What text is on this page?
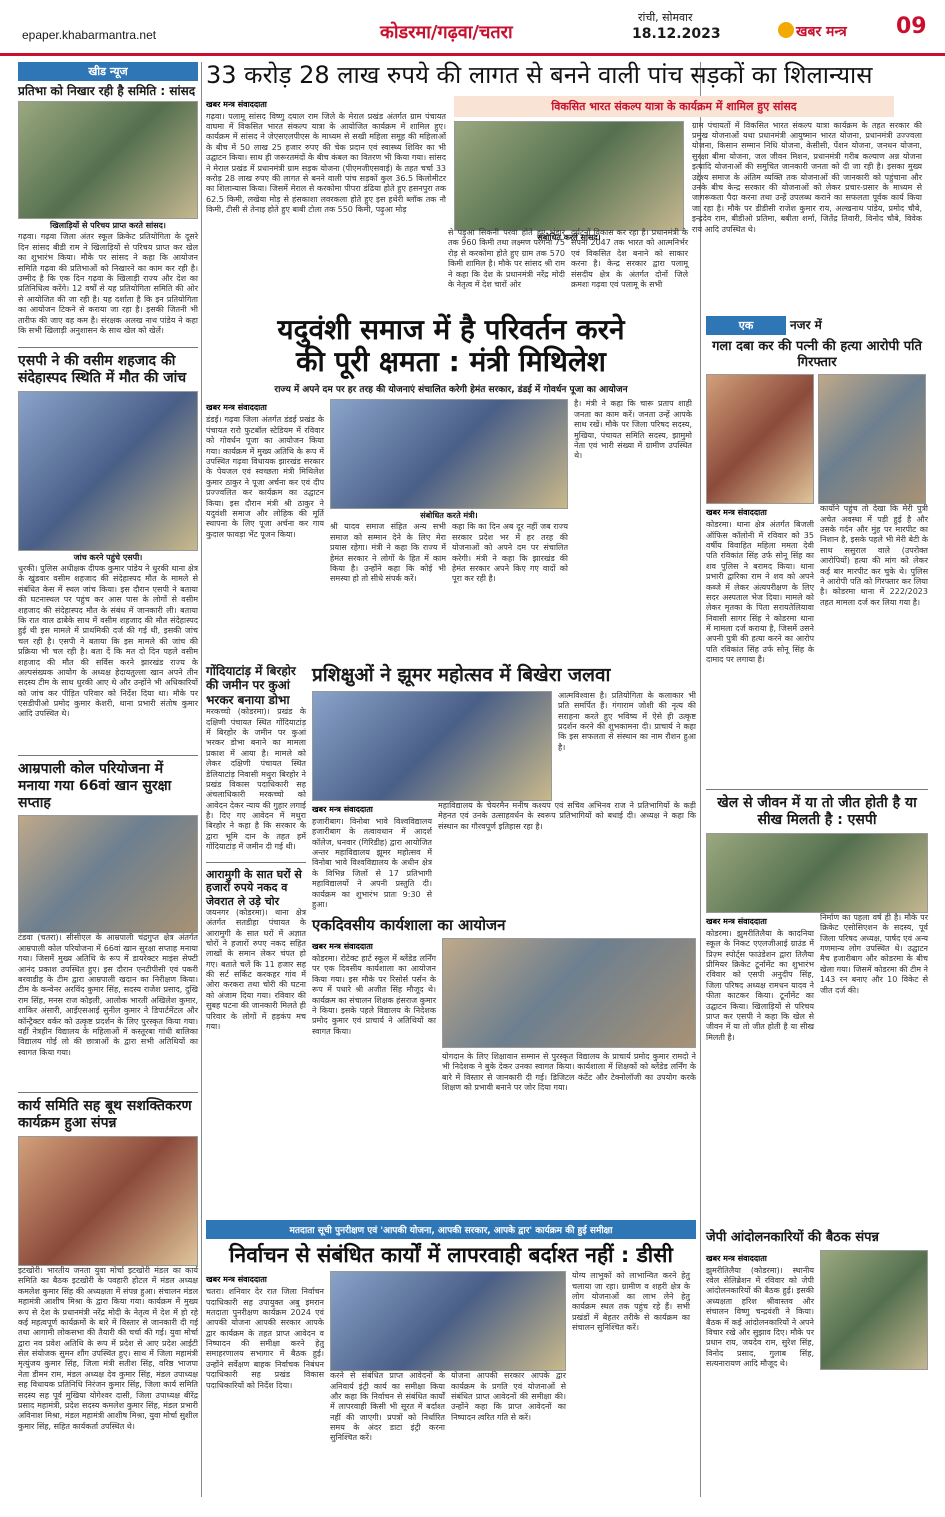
epaper.khabarmantra.net	कोडरमा/गढ़वा/चतरा
रांची, सोमवार
18.12.2023	खबर मन्त्र 09
खीड न्यूज
प्रतिभा को निखार रही है समिति : सांसद
खिलाड़ियों से परिचय प्राप्त करते सांसद।
गढ़वा। गढ़वा जिला अंतर स्कूल क्रिकेट प्रतियोगिता के दूसरे दिन सांसद बीडी राम ने खिलाड़ियों से परिचय प्राप्त कर खेल का शुभारंभ किया। मौके पर सांसद ने कहा कि आयोजन समिति गढ़वा की प्रतिभाओं को निखारने का काम कर रही है। उम्मीद है कि एक दिन गढ़वा के खिलाड़ी राज्य और देश का प्रतिनिधित्व करेंगे। 12 वर्षों से यह प्रतियोगिता समिति की ओर से आयोजित की जा रही है। यह दर्शाता है कि इन प्रतियोगिता का आयोजन टिकने से कराया जा रहा है। इसकी जितनी भी तारीफ की जाए वह कम है। संरक्षक अलख नाथ पांडेय ने कहा कि सभी खिलाड़ी अनुशासन के साथ खेल को खेलें।
एसपी ने की वसीम शहजाद की संदेहास्पद स्थिति में मौत की जांच
जांच करने पहुंचे एसपी।
धुरकी। पुलिस अधीक्षक दीपक कुमार पांडेय ने धुरकी थाना क्षेत्र के खुंडवार वसीम शहजाद की संदेहास्पद मौत के मामले से संबंधित केस में स्थल जांच किया। इस दौरान एसपी ने बताया की घटनास्थल पर पहुंच कर आस पास के लोगों से वसीम शहजाद की संदेहास्पद मौत के संबंध में जानकारी ली। बताया कि रात वाल ढाबेके साथ में वसीम शहजाद की मौत संदेहास्पद हुई थी इस मामले में प्राथमिकी दर्ज की गई थी, इसकी जांच चल रही है। एसपी ने बताया कि इस मामले की जांच की प्रक्रिया भी चल रही है। बता दें कि मत दो दिन पहले वसीम शहजाद की मौत की सर्विस करने झारखंड राज्य के अल्पसंख्यक आयोग के अध्यक्ष हेदायतुल्ला खान अपने तीन सदस्य टीम के साथ धुरकी आए थे और उन्होंने भी अधिकारियों को जांच कर पीड़ित परिवार को निर्देश दिया था। मौके पर एसडीपीओ प्रमोद कुमार केशरी, थाना प्रभारी संतोष कुमार आदि उपस्थित थे।
आम्रपाली कोल परियोजना में मनाया गया 66वां खान सुरक्षा सप्ताह
टंडवा (चतरा)। सीसीएल के आम्रपाली चंद्रगुप्त क्षेत्र अंतर्गत आम्रपाली कोल परियोजना में 66वां खान सुरक्षा सप्ताह मनाया गया। जिसमें मुख्य अतिथि के रूप में डायरेक्टर माइंस सेफ्टी आनंद प्रकाश उपस्थित हुए। इस दौरान एनटीपीसी एवं पकरी बरवाडीह के टीम द्वारा आम्रपाली खदान का निरीक्षण किया। टीम के कन्वेनर अरविंद कुमार सिंह, सदस्य राजेश प्रसाद, दुखि राम सिंह, मनस राज कोइली, आलोक भारती अखिलेश कुमार, शाकिर अंसारी, आईएसआई सुनील कुमार ने डिपार्टमेंटल और कॉन्ट्रैक्टर वर्कर को उत्कृष्ट प्रदर्शन के लिए पुरस्कृत किया गया। वहीं नेत्रहीन विद्यालय के महिलाओं में कस्तूरबा गांधी बालिका विद्यालय गोई लो की छात्राओं के द्वारा सभी अतिथियों का स्वागत किया गया।
कार्य समिति सह बूथ सशक्तिकरण कार्यक्रम हुआ संपन्न
इटखोरी। भारतीय जनता युवा मोर्चा इटखोरी मंडल का कार्य समिति का बैठक इटखोरी के पवहारी होटल में मंडल अध्यक्ष कमलेश कुमार सिंह की अध्यक्षता में संपन्न हुआ। संचालन मंडल महामंत्री आशीष मिश्रा के द्वारा किया गया। कार्यक्रम में मुख्य रूप से देश के प्रधानमंत्री नरेंद्र मोदी के नेतृत्व में देश में हो रहे कई महत्वपूर्ण कार्यक्रमों के बारे में विस्तार से जानकारी दी गई तथा आगामी लोकसभा की तैयारी की चर्चा की गई। युवा मोर्चा द्वारा नव प्रवेश अतिथि के रूप में प्रदेश से आए प्रदेश आईटी सेल संयोजक सुमन शौंग उपस्थित हुए। साथ में जिला महामंत्री मृत्युंजय कुमार सिंह, जिला मंत्री सतीश सिंह, वरिष्ठ भाजपा नेता डीमन राम, मंडल अध्यक्ष देव कुमार सिंह, मंडल उपाध्यक्ष सह विधायक प्रतिनिधि निरंजन कुमार सिंह, जिला कार्य समिति सदस्य सह पूर्व मुखिया योगेश्वर दासी, जिला उपाध्यक्ष बीरेंद्र प्रसाद महामंत्री, प्रदेश सदस्य कमलेश कुमार सिंह, मंडल प्रभारी अविनाश मिश्रा, मंडल महामंत्री आशीष मिश्रा, युवा मोर्चा सुशील कुमार सिंह, सहित कार्यकर्ता उपस्थित थे।
33 करोड़ 28 लाख रुपये की लागत से बनने वाली पांच सड़कों का शिलान्यास
खबर मन्त्र संवाददाता
गढ़वा। पलामू सांसद विष्णु दयाल राम जिले के मेराल प्रखंड अंतर्गत ग्राम पंचायत वाघमा में विकसित भारत संकल्प यात्रा के आयोजित कार्यक्रम में शामिल हुए। कार्यक्रम में सांसद ने जेएसएलपीएस के माध्यम से सखी महिला समूह की महिलाओं के बीच में 50 लाख 25 हजार रुपए की चेक प्रदान एवं स्वास्थ्य शिविर का भी उद्घाटन किया। साथ ही जरूरतमंदों के बीच कंबल का वितरण भी किया गया। सांसद ने मेराल प्रखंड में प्रधानमंत्री ग्राम सड़क योजना (पीएमजीएसवाई) के तहत चर्चा 33 करोड़ 28 लाख रुपए की लागत से बनने वाली पांच सड़कों कुल 36.5 किलोमीटर का शिलान्यास किया। जिसमें मेराल से करकोमा पीपरा डंढिया होते हुए हसनपुरा तक 62.5 किमी, लखेया मोड़ से हंसकाशा लवरकला होते हुए इस हथेरी ब्लॉक तक नौ किमी, टीसी से तेनाइ होते हुए बाबी टोला तक 550 किमी, पढ़ुआ मोड़
विकसित भारत संकल्प यात्रा के कार्यक्रम में शामिल हुए सांसद
संबोधित करते सांसद।
ग्राम पंचायतों में विकसित भारत संकल्प यात्रा कार्यक्रम के तहत सरकार की प्रमुख योजनाओं यथा प्रधानमंत्री आयुष्मान भारत योजना, प्रधानमंत्री उज्ज्वला योजना, किसान सम्मान निधि योजना, केसीसी, पेंशन योजना, जनधन योजना, सुरक्षा बीमा योजना, जल जीवन मिशन, प्रधानमंत्री गरीब कल्याण अन्न योजना इत्यादि योजनाओं की समुचित जानकारी जनता को दी जा रही है। इसका मुख्य उद्देश्य समाज के अंतिम व्यक्ति तक योजनाओं की जानकारी को पहुंचाना और उनके बीच केन्द्र सरकार की योजनाओं को लेकर प्रचार-प्रसार के माध्यम से जागरूकता पैदा करना तथा उन्हें उपलब्ध कराने का सफलता पूर्वक कार्य किया जा रहा है। मौके पर डीडीसी राजेश कुमार राय, अल्खनाथ पांडेय, प्रमोद चौबे, इन्द्रदेव राम, बीडीओ प्रतिमा, बबीता शर्मा, जितेंद्र तिवारी, विनोद चौबे, विवेक राय आदि उपस्थित थे।
से पड़ुआ सिकनी परवा होते हुए भंडार तक 960 किमी तथा लक्ष्मण परगना 75 रोड़ से करकोमा होते हुए ग्राम तक 570 किमी शामिल है। मौके पर सांसद श्री राम ने कहा कि देश के प्रधानमंत्री नरेंद्र मोदी के नेतृत्व में देश चारों ओर
दुर्घटनों विकास कर रहा है। प्रधानमंत्री के सपना 2047 तक भारत को आत्मनिर्भर एवं विकसित देश बनाने को साकार करना है। केन्द्र सरकार द्वारा पलामू संसदीय क्षेत्र के अंतर्गत दोनों जिले क्रमशः गढ़वा एवं पलामू के सभी
यदुवंशी समाज में है परिवर्तन करने
की पूरी क्षमता : मंत्री मिथिलेश
राज्य में अपने दम पर हर तरह की योजनाएं संचालित करेगी हेमंत सरकार, डंडई में गोवर्धन पूजा का आयोजन
खबर मन्त्र संवाददाता
डंडई। गढ़वा जिला अंतर्गत डंडई प्रखंड के पंचायत रारो फुटबॉल स्टेडियम में रविवार को गोवर्धन पूजा का आयोजन किया गया। कार्यक्रम में मुख्य अतिथि के रूप में उपस्थित गढ़वा विधायक झारखंड सरकार के पेयजल एवं स्वच्छता मंत्री मिथिलेश कुमार ठाकुर ने पूजा अर्चना कर एवं दीप प्रज्ज्वलित कर कार्यक्रम का उद्घाटन किया। इस दौरान मंत्री श्री ठाकुर ने यदुवंशी समाज और लोहिक की मूर्ति स्थापना के लिए पूजा अर्चना कर गाय कुदाल फावड़ा भेंट पूजन किया।
संबोधित करते मंत्री।
श्री यादव समाज संहित अन्य सभी समाज को सम्मान देने के लिए मेरा प्रयास रहेगा। मंत्री ने कहा कि राज्य में हेमंत सरकार ने लोगों के हित में काम किया है। उन्होंने कहा कि कोई भी समस्या हो तो सीधे संपर्क करें।
कहा कि का दिन अब दूर नहीं जब राज्य सरकार प्रदेश भर में हर तरह की योजनाओं को अपने दम पर संचालित करेगी। मंत्री ने कहा कि झारखंड की हेमंत सरकार अपने किए गए वादों को पूरा कर रही है।
है। मंत्री ने कहा कि चारू प्रताप शाही जनता का काम करें। जनता उन्हें आपके साथ रखें। मौके पर जिला परिषद सदस्य, मुखिया, पंचायत समिति सदस्य, झामुमो नेता एवं भारी संख्या में ग्रामीण उपस्थित थे।
एक	नजर में
गला दबा कर की पत्नी की हत्या आरोपी पति गिरफ्तार
खबर मन्त्र संवाददाता
कोडरमा। थाना क्षेत्र अंतर्गत बिजली ऑफिस कॉलोनी में रविवार को 35 वर्षीय विवाहित महिला ममता देवी पति रविकांत सिंह उर्फ सोनू सिंह का शव पुलिस ने बरामद किया। थाना प्रभारी द्वारिका राम ने शव को अपने कब्जे में लेकर अंत्यपरीक्षण के लिए सदर अस्पताल भेज दिया। मामले को लेकर मृतका के पिता सरायतेलियावा निवासी सागर सिंह ने कोडरमा थाना में मामला दर्ज कराया है, जिसमें उसने अपनी पुत्री की हत्या करने का आरोप पति रविकांत सिंह उर्फ सोनू सिंह के दामाद पर लगाया है।
कायोंने पहुंच तो देखा कि मेरी पुत्री अचेत अवस्था में पड़ी हुई है और उसके गर्दन और मुंह पर मारपीट का निशान है, इसके पहले भी मेरी बेटी के साथ ससुराल वाले (उपरोक्त आरोपियों) हत्या की मांग को लेकर कई बार मारपीट कर चुके थे। पुलिस ने आरोपी पति को गिरफ्तार कर लिया है। कोडरमा थाना में 222/2023 तहत मामला दर्ज कर लिया गया है।
खेल से जीवन में या तो जीत होती है या सीख मिलती है : एसपी
खबर मन्त्र संवाददाता
कोडरमा। झुमरीतिलैया के कादनिया स्कूल के निकट एएलजीआई ग्राउंड में प्रिज़्म स्पोर्ट्स फाउंडेशन द्वारा तिलैया प्रीमियर क्रिकेट टूर्नामेंट का शुभारंभ रविवार को एसपी अनुदीप सिंह, जिला परिषद अध्यक्ष रामधन यादव ने फीता काटकर किया। टूर्नामेंट का उद्घाटन किया। खिलाड़ियों से परिचय प्राप्त कर एसपी ने कहा कि खेल से जीवन में या तो जीत होती है या सीख मिलती है।
निर्माण का पहला वर्ष ही है। मौके पर क्रिकेट एसोसिएशन के सदस्य, पूर्व जिला परिषद अध्यक्ष, पार्षद एवं अन्य गणमान्य लोग उपस्थित थे। उद्घाटन मैच हजारीबाग और कोडरमा के बीच खेला गया। जिसमें कोडरमा की टीम ने 143 रन बनाए और 10 विकेट से जीत दर्ज की।
गोंदियाटांड़ में बिरहोर की जमीन पर कुआं भरकर बनाया डोभा
मरकच्चो (कोडरमा)। प्रखंड के दक्षिणी पंचायत स्थित गोंदियाटांड़ में बिरहोर के जमीन पर कुआं भरकर डोभा बनाने का मामला प्रकाश में आया है। मामले को लेकर दक्षिणी पंचायत स्थित डेलियाटांड़ निवासी मथुरा बिरहोर ने प्रखंड विकास पदाधिकारी सह अंचलाधिकारी मरकच्चो को आवेदन देकर न्याय की गुहार लगाई है। दिए गए आवेदन में मथुरा बिरहोर ने कहा है कि सरकार के द्वारा भूमि दान के तहत हमें गोंदियाटांड़ में जमीन दी गई थी।
आरामुगी के सात घरों से हजारों रुपये नकद व जेवरात ले उड़े चोर
जयनगर (कोडरमा)। थाना क्षेत्र अंतर्गत सतडीहा पंचायत के आरामुगी के सात घरों में अज्ञात चोरों ने हजारों रुपए नकद सहित लाखों के समान लेकर चंपत हो गए। बताते चलें कि 11 हजार सह की सर्ट सर्किट करकहर गांव में ओरा करकरा तथा चोरी की घटना को अंजाम दिया गया। रविवार की सुबह घटना की जानकारी मिलते ही परिवार के लोगों में हड़कंप मच गया।
प्रशिक्षुओं ने झूमर महोत्सव में बिखेरा जलवा
आत्मविश्वास है। प्रतियोगिता के कलाकार भी प्रति समर्पित हैं। गंगाराम जोशी की नृत्य की सराहना करते हुए भविष्य में ऐसे ही उत्कृष्ट प्रदर्शन करने की शुभकामना दी। प्राचार्य ने कहा कि इस सफलता से संस्थान का नाम रौशन हुआ है।
खबर मन्त्र संवाददाता
हजारीबाग। विनोबा भावे विश्वविद्यालय हजारीबाग के तत्वावधान में आदर्श कॉलेज, धनवार (गिरिडीह) द्वारा आयोजित अन्तर महाविद्यालय झूमर महोत्सव में विनोबा भावे विश्वविद्यालय के अधीन क्षेत्र के विभिन्न जिलों से 17 प्रतिभागी महाविद्यालयों ने अपनी प्रस्तुति दी। कार्यक्रम का शुभारंभ प्रातः 9:30 से हुआ।
महाविद्यालय के चेयरमैन मनीष कश्यप एवं सचिव अभिनव राज ने प्रतिभागियों के कड़ी मेहनत एवं उनके उत्साहवर्धन के स्वरूप प्रतिभागियों को बधाई दी। अध्यक्ष ने कहा कि संस्थान का गौरवपूर्ण इतिहास रहा है।
एकदिवसीय कार्यशाला का आयोजन
खबर मन्त्र संवाददाता
कोडरमा। रोटेक्ट हार्ट स्कूल में ब्लेंडेड लर्निंग पर एक दिवसीय कार्यशाला का आयोजन किया गया। इस मौके पर रिसोर्स पर्सन के रूप में पधारे श्री अजीत सिंह मौजूद थे। कार्यक्रम का संचालन शिक्षक हंसराज कुमार ने किया। इसके पहले विद्यालय के निदेशक प्रमोद कुमार एवं प्राचार्य ने अतिथियों का स्वागत किया।
योगदान के लिए शिक्षावान सम्मान से पुरस्कृत विद्यालय के प्राचार्य प्रमोद कुमार रामदो ने भी निदेशक ने बुके देकर उनका स्वागत किया। कार्यशाला में शिक्षकों को ब्लेंडेड लर्निंग के बारे में विस्तार से जानकारी दी गई। डिजिटल कंटेंट और टेक्नोलॉजी का उपयोग करके शिक्षण को प्रभावी बनाने पर जोर दिया गया।
मतदाता सूची पुनरीक्षण एवं 'आपकी योजना, आपकी सरकार, आपके द्वार' कार्यक्रम की हुई समीक्षा
निर्वाचन से संबंधित कार्यों में लापरवाही बर्दाश्त नहीं : डीसी
खबर मन्त्र संवाददाता
चतरा। शनिवार देर रात जिला निर्वाचन पदाधिकारी सह उपायुक्त अबु इमरान मतदाता पुनरीक्षण कार्यक्रम 2024 एवं आपकी योजना आपकी सरकार आपके द्वार कार्यक्रम के तहत प्राप्त आवेदन व निष्पादन की समीक्षा करने हेतु समाहरणालय सभागार में बैठक हुई। उन्होंने सर्वेक्षण बाहक निर्वाचक निबंधन पदाधिकारी सह प्रखंड विकास पदाधिकारियों को निर्देश दिया।
करने से संबंधित प्राप्त आवेदनों के अनिवार्य इंट्री कार्य का समीक्षा किया और कहा कि निर्वाचन से संबंधित कार्यों में लापरवाही किसी भी सूरत में बर्दाश्त नहीं की जाएगी। प्रपत्रों को निर्धारित समय के अंदर डाटा इंट्री करना सुनिश्चित करें।
योजना आपकी सरकार आपके द्वार कार्यक्रम के प्रगति एवं योजनाओं से संबंधित प्राप्त आवेदनों की समीक्षा की। उन्होंने कहा कि प्राप्त आवेदनों का निष्पादन त्वरित गति से करें।
योग्य लाभुकों को लाभान्वित करने हेतु चलाया जा रहा। ग्रामीण व शहरी क्षेत्र के लोग योजनाओं का लाभ लेने हेतु कार्यक्रम स्थल तक पहुंच रहे हैं। सभी प्रखंडों में बेहतर तरीके से कार्यक्रम का संचालन सुनिश्चित करें।
जेपी आंदोलनकारियों की बैठक संपन्न
खबर मन्त्र संवाददाता
झुमरीतिलैया (कोडरमा)। स्थानीय रवेल सेलिब्रेशन में रविवार को जेपी आंदोलनकारियों की बैठक हुई। इसकी अध्यक्षता हरिश श्रीवास्तव और संचालन विष्णु चन्द्रवंशी ने किया। बैठक में कई आंदोलनकारियों ने अपने विचार रखे और सुझाव दिए। मौके पर प्रधान राय, जयदेव राम, सुरेश सिंह, विनोद प्रसाद, गुलाब सिंह, सत्यनारायण आदि मौजूद थे।
